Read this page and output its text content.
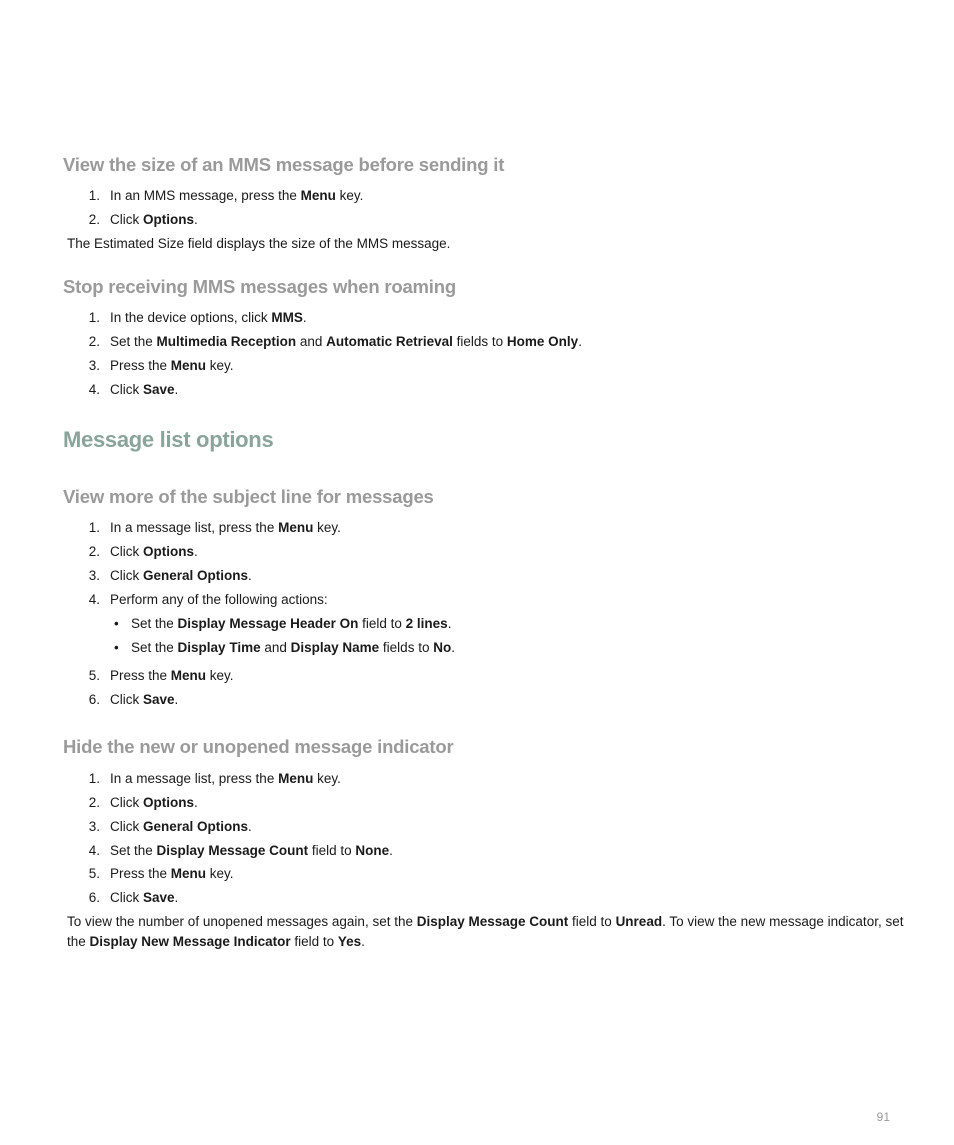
View the size of an MMS message before sending it
1. In an MMS message, press the Menu key.
2. Click Options.

The Estimated Size field displays the size of the MMS message.

Stop receiving MMS messages when roaming
1. In the device options, click MMS.
2. Set the Multimedia Reception and Automatic Retrieval fields to Home Only.
3. Press the Menu key.
4. Click Save.
Message list options
View more of the subject line for messages
1. In a message list, press the Menu key.
2. Click Options.
3. Click General Options.
4. Perform any of the following actions:
• Set the Display Message Header On field to 2 lines.
• Set the Display Time and Display Name fields to No.
5. Press the Menu key.
6. Click Save.
Hide the new or unopened message indicator
1. In a message list, press the Menu key.
2. Click Options.
3. Click General Options.
4. Set the Display Message Count field to None.
5. Press the Menu key.
6. Click Save.

To view the number of unopened messages again, set the Display Message Count field to Unread. To view the new message indicator, set the Display New Message Indicator field to Yes.

91
